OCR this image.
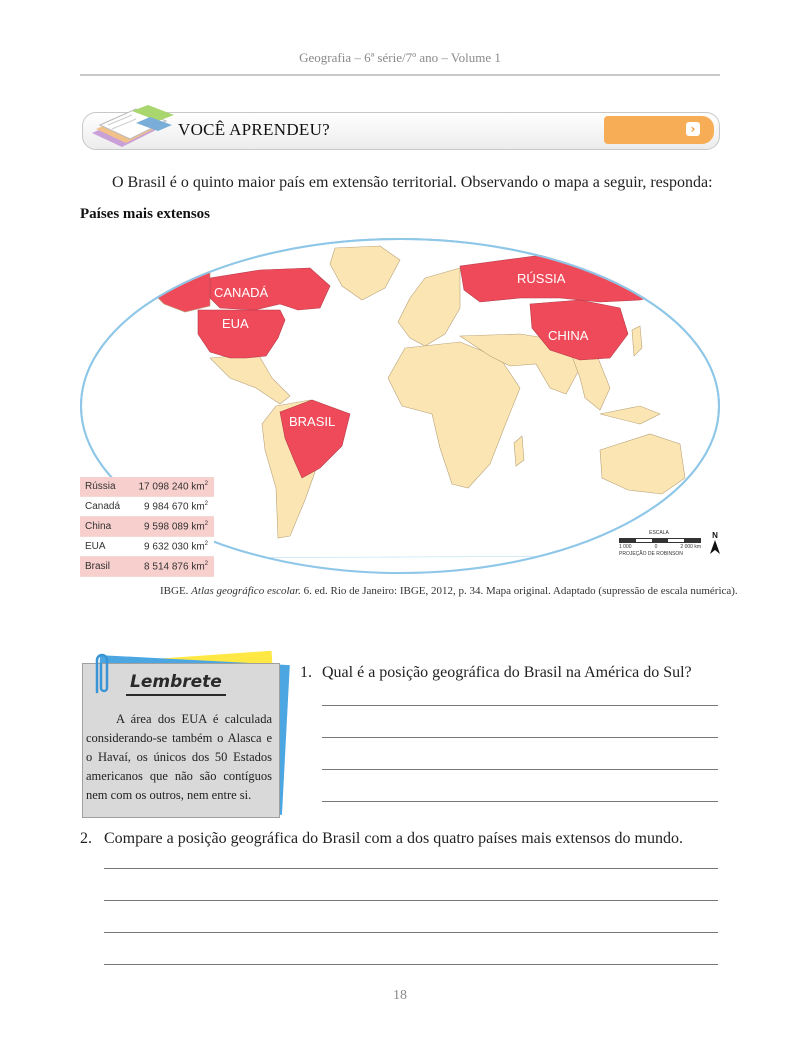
Geografia – 6ª série/7º ano – Volume 1
›
VOCÊ APRENDEU?
O Brasil é o quinto maior país em extensão territorial. Observando o mapa a seguir, responda:
Países mais extensos
CANADÁ
EUA
RÚSSIA
CHINA
BRASIL
Rússia	17 098 240 $km^2$
Canadá	9 984 670 $km^2$
China	9 598 089 $km^2$
EUA	9 632 030 $km^2$
Brasil	8 514 876 $km^2$
ESCALA
1 000	0	2 000 km
PROJEÇÃO DE ROBINSON
N
IBGE. Atlas geográfico escolar. 6. ed. Rio de Janeiro: IBGE, 2012, p. 34. Mapa original. Adaptado (supressão de escala numérica).
Lembrete
A área dos EUA é calculada considerando-se também o Alasca e o Havaí, os únicos dos 50 Estados americanos que não são contíguos nem com os outros, nem entre si.
1. Qual é a posição geográfica do Brasil na América do Sul?
2. Compare a posição geográfica do Brasil com a dos quatro países mais extensos do mundo.
18
